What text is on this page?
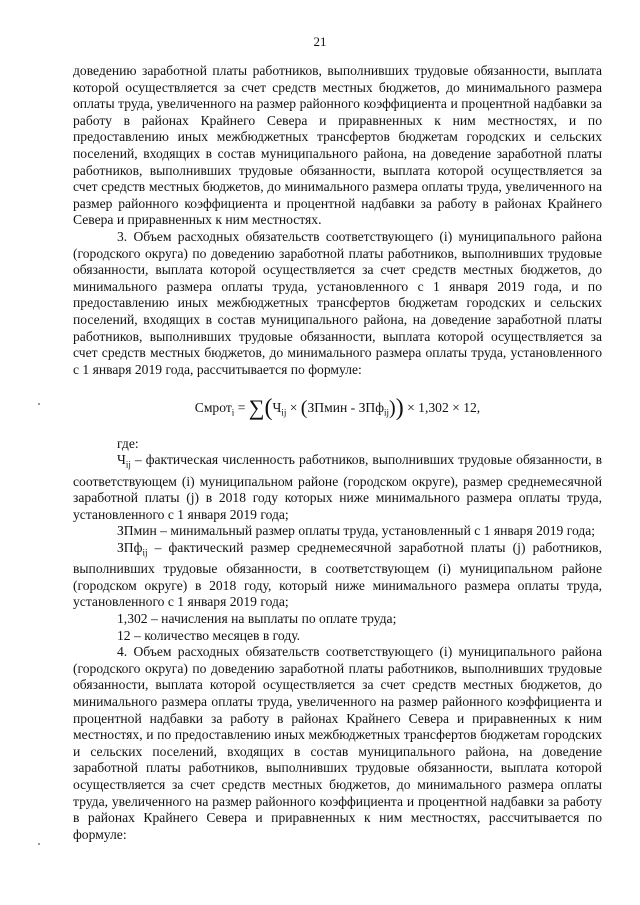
21

доведению заработной платы работников, выполнивших трудовые обязанности, выплата которой осуществляется за счет средств местных бюджетов, до минимального размера оплаты труда, увеличенного на размер районного коэффициента и процентной надбавки за работу в районах Крайнего Севера и приравненных к ним местностях, и по предоставлению иных межбюджетных трансфертов бюджетам городских и сельских поселений, входящих в состав муниципального района, на доведение заработной платы работников, выполнивших трудовые обязанности, выплата которой осуществляется за счет средств местных бюджетов, до минимального размера оплаты труда, увеличенного на размер районного коэффициента и процентной надбавки за работу в районах Крайнего Севера и приравненных к ним местностях.

3. Объем расходных обязательств соответствующего (i) муниципального района (городского округа) по доведению заработной платы работников, выполнивших трудовые обязанности, выплата которой осуществляется за счет средств местных бюджетов, до минимального размера оплаты труда, установленного с 1 января 2019 года, и по предоставлению иных межбюджетных трансфертов бюджетам городских и сельских поселений, входящих в состав муниципального района, на доведение заработной платы работников, выполнивших трудовые обязанности, выплата которой осуществляется за счет средств местных бюджетов, до минимального размера оплаты труда, установленного с 1 января 2019 года, рассчитывается по формуле:

Смрот$_i$ = $\sum(Ч_{ij}$ × (ЗПмин - ЗПф$_{ij}$)) × 1,302 × 12,

где:

$Ч_{ij}$ – фактическая численность работников, выполнивших трудовые обязанности, в соответствующем (i) муниципальном районе (городском округе), размер среднемесячной заработной платы (j) в 2018 году которых ниже минимального размера оплаты труда, установленного с 1 января 2019 года;

ЗПмин – минимальный размер оплаты труда, установленный с 1 января 2019 года;

ЗПф$_{ij}$ – фактический размер среднемесячной заработной платы (j) работников, выполнивших трудовые обязанности, в соответствующем (i) муниципальном районе (городском округе) в 2018 году, который ниже минимального размера оплаты труда, установленного с 1 января 2019 года;

1,302 – начисления на выплаты по оплате труда;

12 – количество месяцев в году.

4. Объем расходных обязательств соответствующего (i) муниципального района (городского округа) по доведению заработной платы работников, выполнивших трудовые обязанности, выплата которой осуществляется за счет средств местных бюджетов, до минимального размера оплаты труда, увеличенного на размер районного коэффициента и процентной надбавки за работу в районах Крайнего Севера и приравненных к ним местностях, и по предоставлению иных межбюджетных трансфертов бюджетам городских и сельских поселений, входящих в состав муниципального района, на доведение заработной платы работников, выполнивших трудовые обязанности, выплата которой осуществляется за счет средств местных бюджетов, до минимального размера оплаты труда, увеличенного на размер районного коэффициента и процентной надбавки за работу в районах Крайнего Севера и приравненных к ним местностях, рассчитывается по формуле:
